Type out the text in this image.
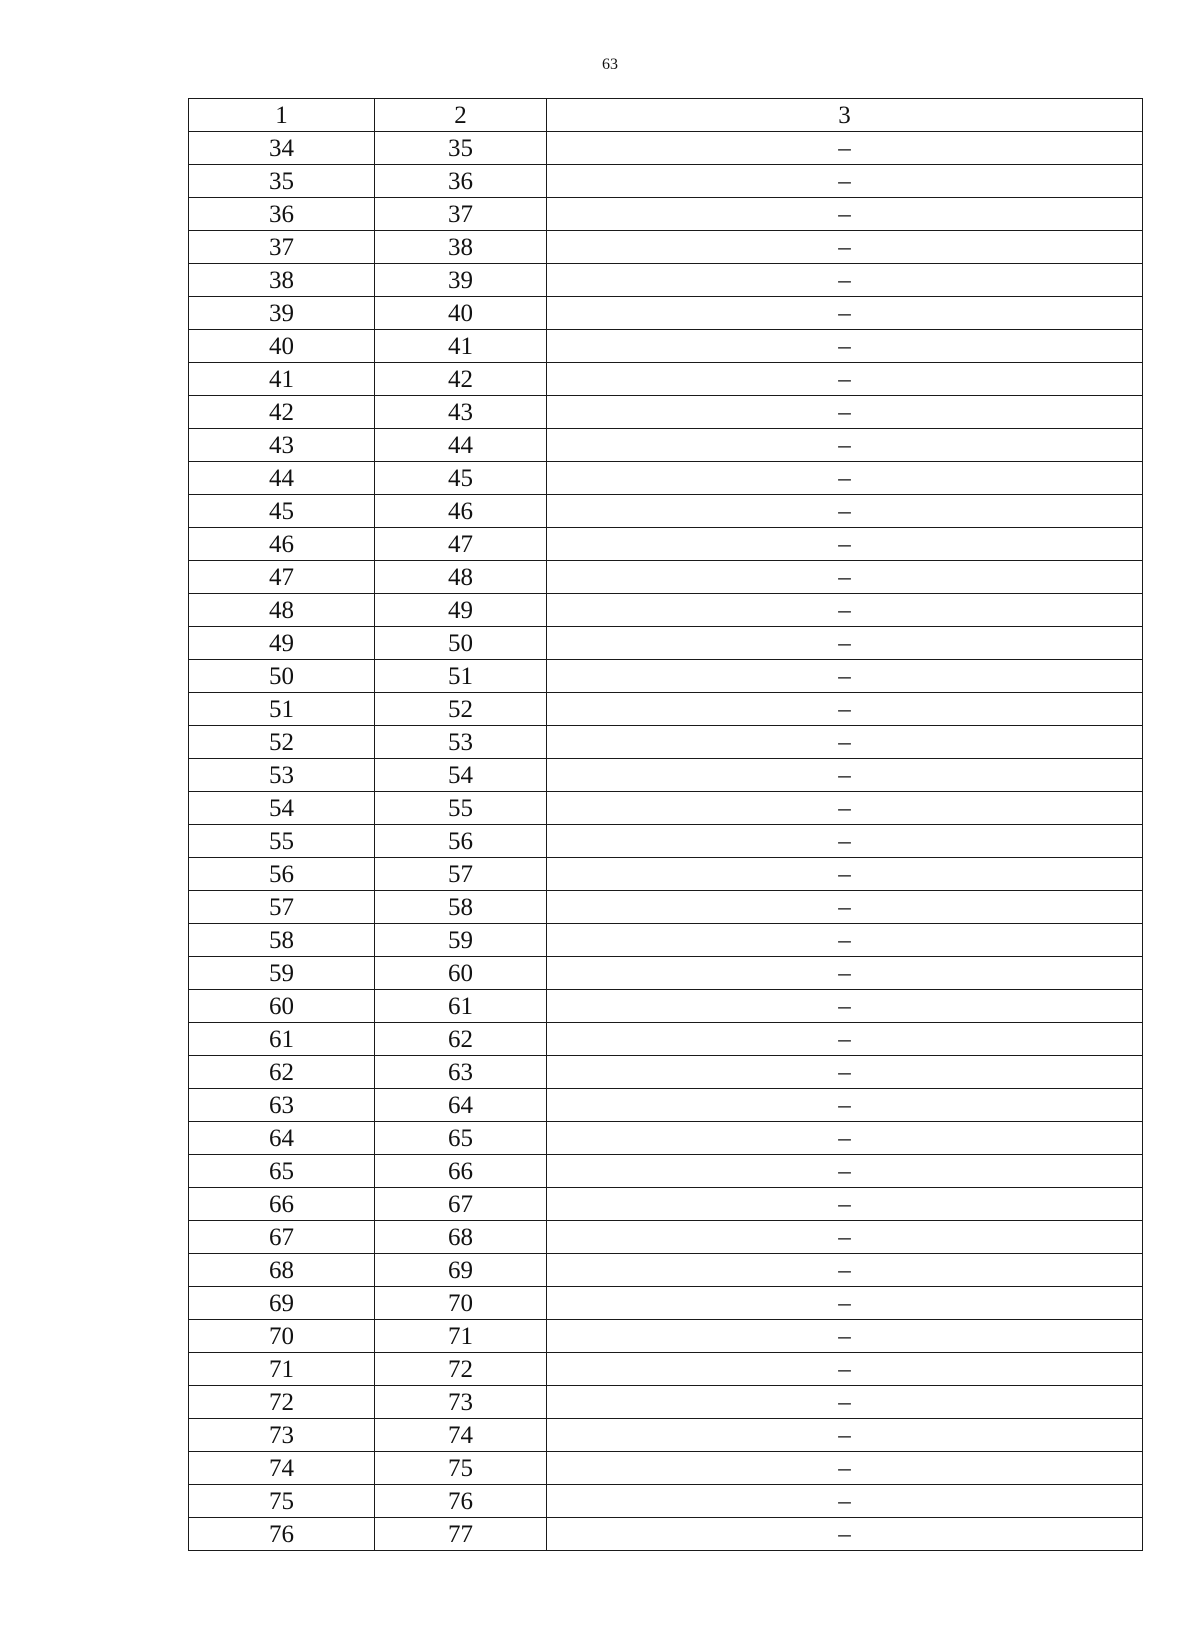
63
1	2	3
34	35	–
35	36	–
36	37	–
37	38	–
38	39	–
39	40	–
40	41	–
41	42	–
42	43	–
43	44	–
44	45	–
45	46	–
46	47	–
47	48	–
48	49	–
49	50	–
50	51	–
51	52	–
52	53	–
53	54	–
54	55	–
55	56	–
56	57	–
57	58	–
58	59	–
59	60	–
60	61	–
61	62	–
62	63	–
63	64	–
64	65	–
65	66	–
66	67	–
67	68	–
68	69	–
69	70	–
70	71	–
71	72	–
72	73	–
73	74	–
74	75	–
75	76	–
76	77	–
